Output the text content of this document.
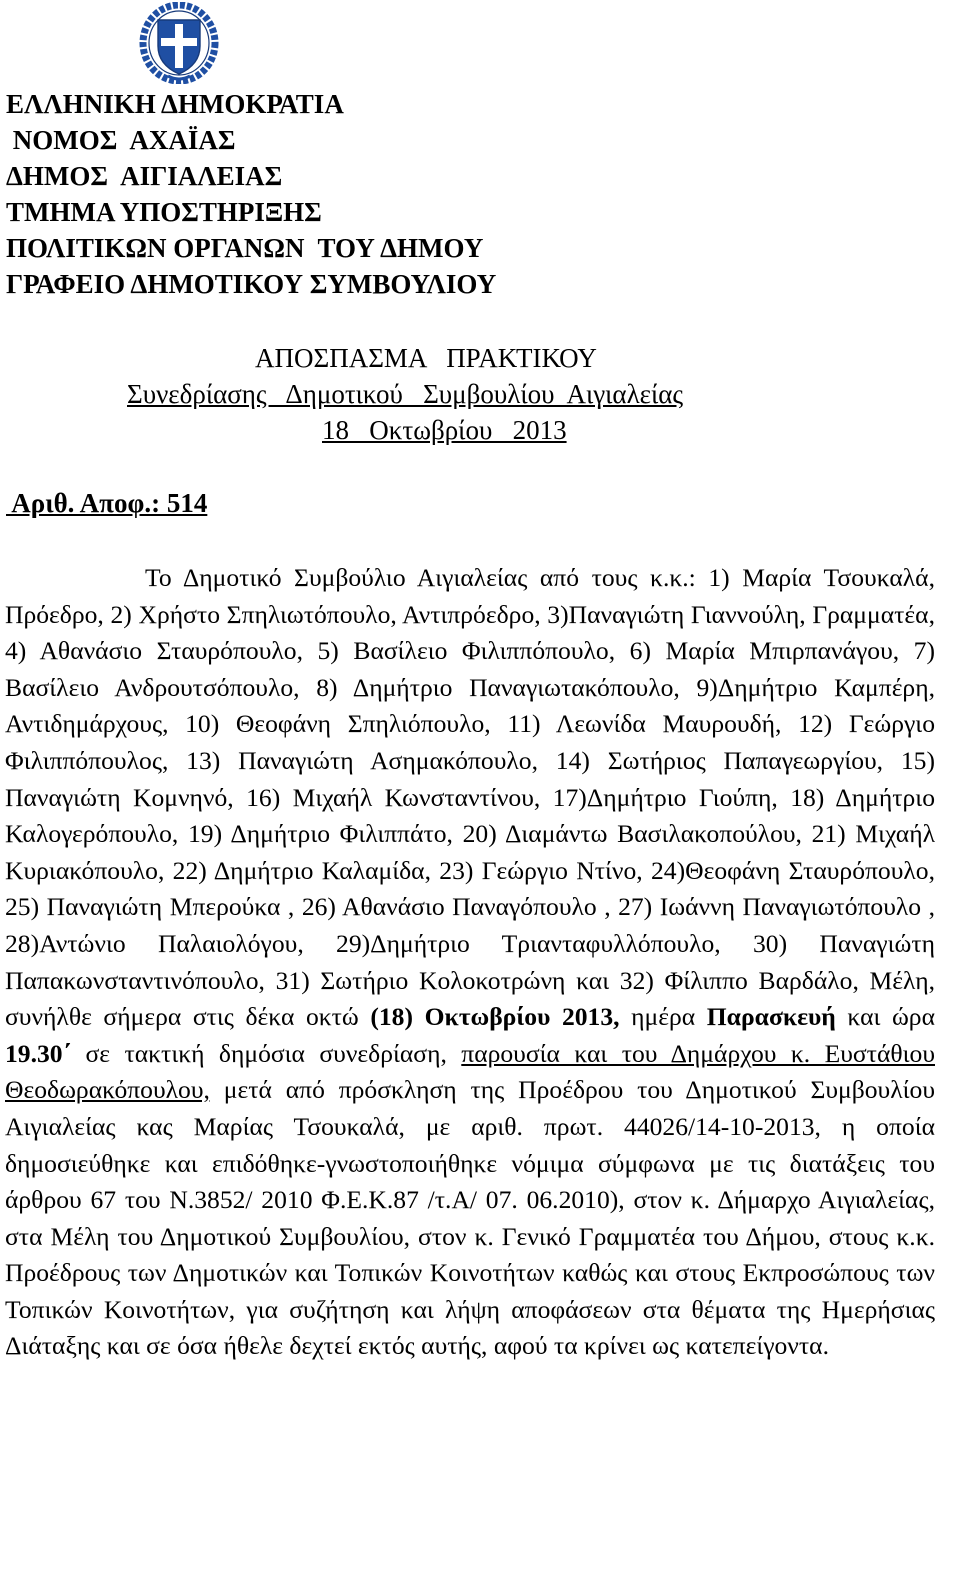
ΕΛΛΗΝΙΚΗ ΔΗΜΟΚΡΑΤΙΑ
ΝΟΜΟΣ  ΑΧΑΪΑΣ
ΔΗΜΟΣ  ΑΙΓΙΑΛΕΙΑΣ
ΤΜΗΜΑ ΥΠΟΣΤΗΡΙΞΗΣ
ΠΟΛΙΤΙΚΩΝ ΟΡΓΑΝΩΝ  ΤΟΥ ΔΗΜΟΥ
ΓΡΑΦΕΙΟ ΔΗΜΟΤΙΚΟΥ ΣΥΜΒΟΥΛΙΟΥ
ΑΠΟΣΠΑΣΜΑ   ΠΡΑΚΤΙΚΟΥ
Συνεδρίασης   Δημοτικού   Συμβουλίου  Αιγιαλείας
18   Οκτωβρίου   2013
Αριθ. Αποφ.: 514

Το Δημοτικό Συμβούλιο Αιγιαλείας από τους κ.κ.: 1) Μαρία Τσουκαλά, Πρόεδρο, 2) Χρήστο Σπηλιωτόπουλο, Αντιπρόεδρο, 3)Παναγιώτη Γιαννούλη, Γραμματέα, 4) Αθανάσιο Σταυρόπουλο, 5) Βασίλειο Φιλιππόπουλο, 6) Μαρία Μπιρπανάγου, 7) Βασίλειο Ανδρουτσόπουλο, 8) Δημήτριο Παναγιωτακόπουλο, 9)Δημήτριο Καμπέρη, Αντιδημάρχους, 10) Θεοφάνη Σπηλιόπουλο, 11) Λεωνίδα Μαυρουδή, 12) Γεώργιο Φιλιππόπουλος, 13) Παναγιώτη Ασημακόπουλο, 14) Σωτήριος Παπαγεωργίου, 15) Παναγιώτη Κομνηνό, 16) Μιχαήλ Κωνσταντίνου, 17)Δημήτριο Γιούπη, 18) Δημήτριο Καλογερόπουλο, 19) Δημήτριο Φιλιππάτο, 20) Διαμάντω Βασιλακοπούλου, 21) Μιχαήλ Κυριακόπουλο, 22) Δημήτριο Καλαμίδα, 23) Γεώργιο Ντίνο, 24)Θεοφάνη Σταυρόπουλο, 25) Παναγιώτη Μπερούκα , 26) Αθανάσιο Παναγόπουλο , 27) Ιωάννη Παναγιωτόπουλο , 28)Αντώνιο Παλαιολόγου, 29)Δημήτριο Τριανταφυλλόπουλο, 30) Παναγιώτη Παπακωνσταντινόπουλο, 31) Σωτήριο Κολοκοτρώνη και 32) Φίλιππο Βαρδάλο, Μέλη, συνήλθε σήμερα στις δέκα οκτώ (18) Οκτωβρίου 2013, ημέρα Παρασκευή και ώρα 19.30΄ σε τακτική δημόσια συνεδρίαση, παρουσία και του Δημάρχου κ. Ευστάθιου Θεοδωρακόπουλου, μετά από πρόσκληση της Προέδρου του Δημοτικού Συμβουλίου Αιγιαλείας κας Μαρίας Τσουκαλά, με αριθ. πρωτ. 44026/14-10-2013, η οποία δημοσιεύθηκε και επιδόθηκε-γνωστοποιήθηκε νόμιμα σύμφωνα με τις διατάξεις του άρθρου 67 του Ν.3852/ 2010 Φ.Ε.Κ.87 /τ.Α/ 07. 06.2010), στον κ. Δήμαρχο Αιγιαλείας, στα Μέλη του Δημοτικού Συμβουλίου, στον κ. Γενικό Γραμματέα του Δήμου, στους κ.κ. Προέδρους των Δημοτικών και Τοπικών Κοινοτήτων καθώς και στους Εκπροσώπους των Τοπικών Κοινοτήτων, για συζήτηση και λήψη αποφάσεων στα θέματα της Ημερήσιας Διάταξης και σε όσα ήθελε δεχτεί εκτός αυτής, αφού τα κρίνει ως κατεπείγοντα.
